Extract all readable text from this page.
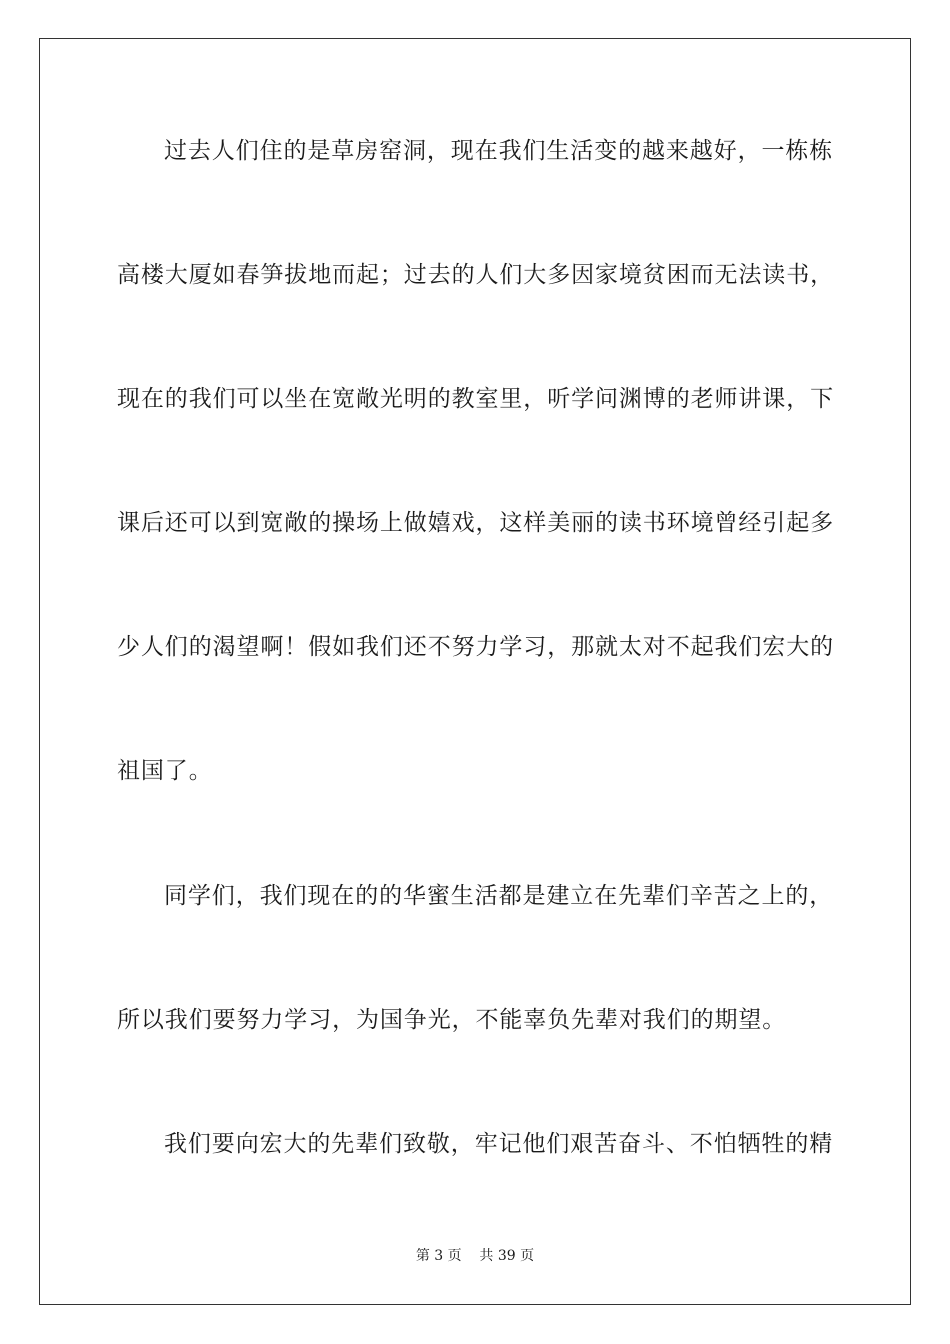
过去人们住的是草房窑洞，现在我们生活变的越来越好，一栋栋
高楼大厦如春笋拔地而起；过去的人们大多因家境贫困而无法读书，
现在的我们可以坐在宽敞光明的教室里，听学问渊博的老师讲课，下
课后还可以到宽敞的操场上做嬉戏，这样美丽的读书环境曾经引起多
少人们的渴望啊！假如我们还不努力学习，那就太对不起我们宏大的
祖国了。
同学们，我们现在的的华蜜生活都是建立在先辈们辛苦之上的，
所以我们要努力学习，为国争光，不能辜负先辈对我们的期望。
我们要向宏大的先辈们致敬，牢记他们艰苦奋斗、不怕牺牲的精
第 3 页    共 39 页
